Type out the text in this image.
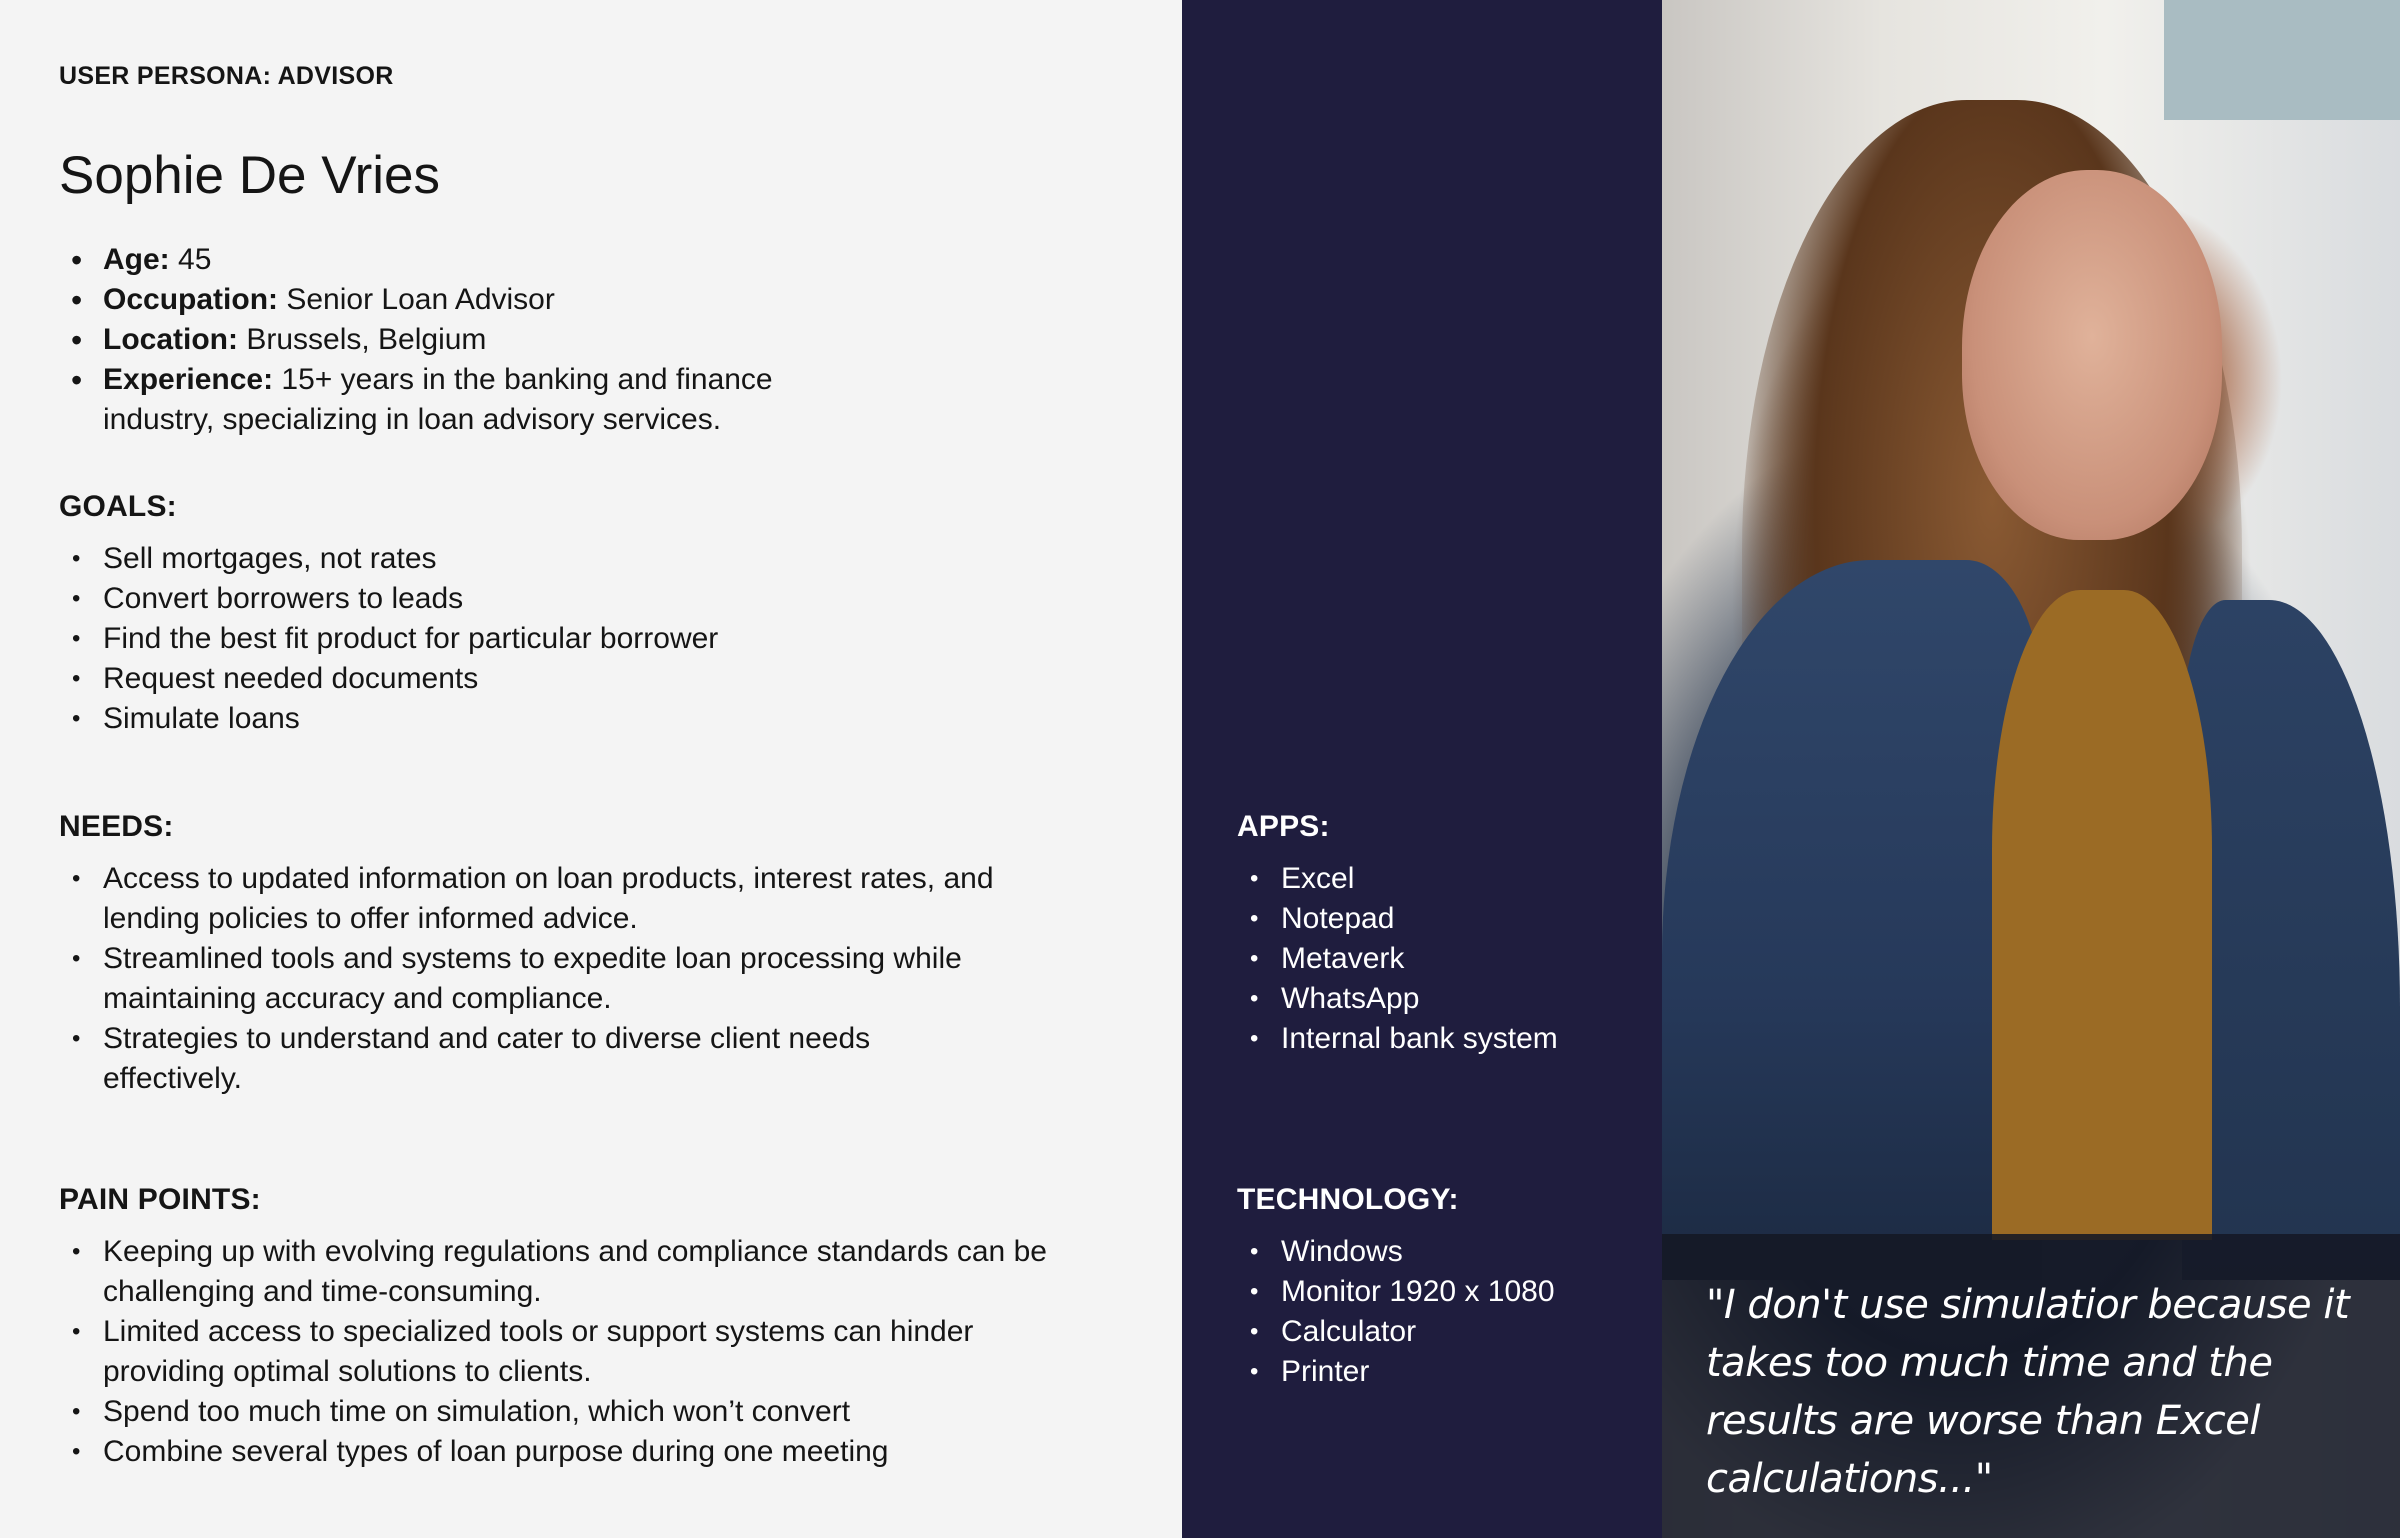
USER PERSONA: ADVISOR
Sophie De Vries
• Age: 45
• Occupation: Senior Loan Advisor
• Location: Brussels, Belgium
• Experience: 15+ years in the banking and finance industry, specializing in loan advisory services.
GOALS:
• Sell mortgages, not rates
• Convert borrowers to leads
• Find the best fit product for particular borrower
• Request needed documents
• Simulate loans
NEEDS:
• Access to updated information on loan products, interest rates, and lending policies to offer informed advice.
• Streamlined tools and systems to expedite loan processing while maintaining accuracy and compliance.
• Strategies to understand and cater to diverse client needs effectively.
PAIN POINTS:
• Keeping up with evolving regulations and compliance standards can be challenging and time-consuming.
• Limited access to specialized tools or support systems can hinder providing optimal solutions to clients.
• Spend too much time on simulation, which won’t convert
• Combine several types of loan purpose during one meeting
APPS:
• Excel
• Notepad
• Metaverk
• WhatsApp
• Internal bank system
TECHNOLOGY:
• Windows
• Monitor 1920 x 1080
• Calculator
• Printer

"I don't use simulatior because it takes too much time and the results are worse than Excel calculations..."
